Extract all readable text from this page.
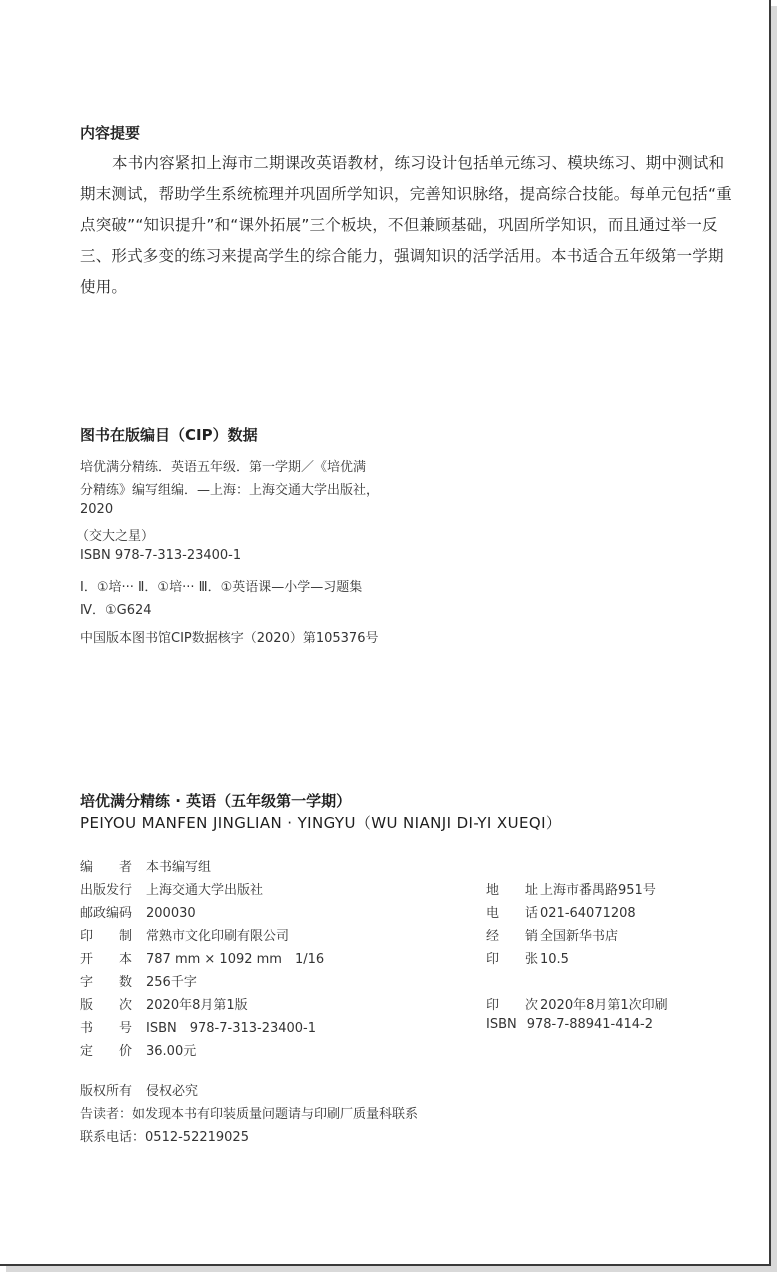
内容提要
本书内容紧扣上海市二期课改英语教材，练习设计包括单元练习、模块练习、期中测试和
期末测试，帮助学生系统梳理并巩固所学知识，完善知识脉络，提高综合技能。每单元包括“重
点突破”“知识提升”和“课外拓展”三个板块，不但兼顾基础，巩固所学知识，而且通过举一反
三、形式多变的练习来提高学生的综合能力，强调知识的活学活用。本书适合五年级第一学期
使用。
图书在版编目（CIP）数据
培优满分精练．英语五年级．第一学期／《培优满
分精练》编写组编．—上海：上海交通大学出版社，
2020
（交大之星）
ISBN 978-7-313-23400-1
Ⅰ．①培··· Ⅱ．①培··· Ⅲ．①英语课—小学—习题集
Ⅳ．①G624
中国版本图书馆CIP数据核字（2020）第105376号
培优满分精练 · 英语（五年级第一学期）
PEIYOU MANFEN JINGLIAN · YINGYU（WU NIANJI DI-YI XUEQI）
编　　者 本书编写组
出版发行 上海交通大学出版社
邮政编码 200030
印　　制 常熟市文化印刷有限公司
开　　本 787 mm × 1092 mm　1/16
字　　数 256千字
版　　次 2020年8月第1版
书　　号 ISBN　978-7-313-23400-1
定　　价 36.00元
地　　址 上海市番禺路951号
电　　话 021-64071208
经　　销 全国新华书店
印　　张 10.5
印　　次 2020年8月第1次印刷
ISBN 978-7-88941-414-2
版权所有 侵权必究
告读者：如发现本书有印装质量问题请与印刷厂质量科联系
联系电话：0512-52219025
